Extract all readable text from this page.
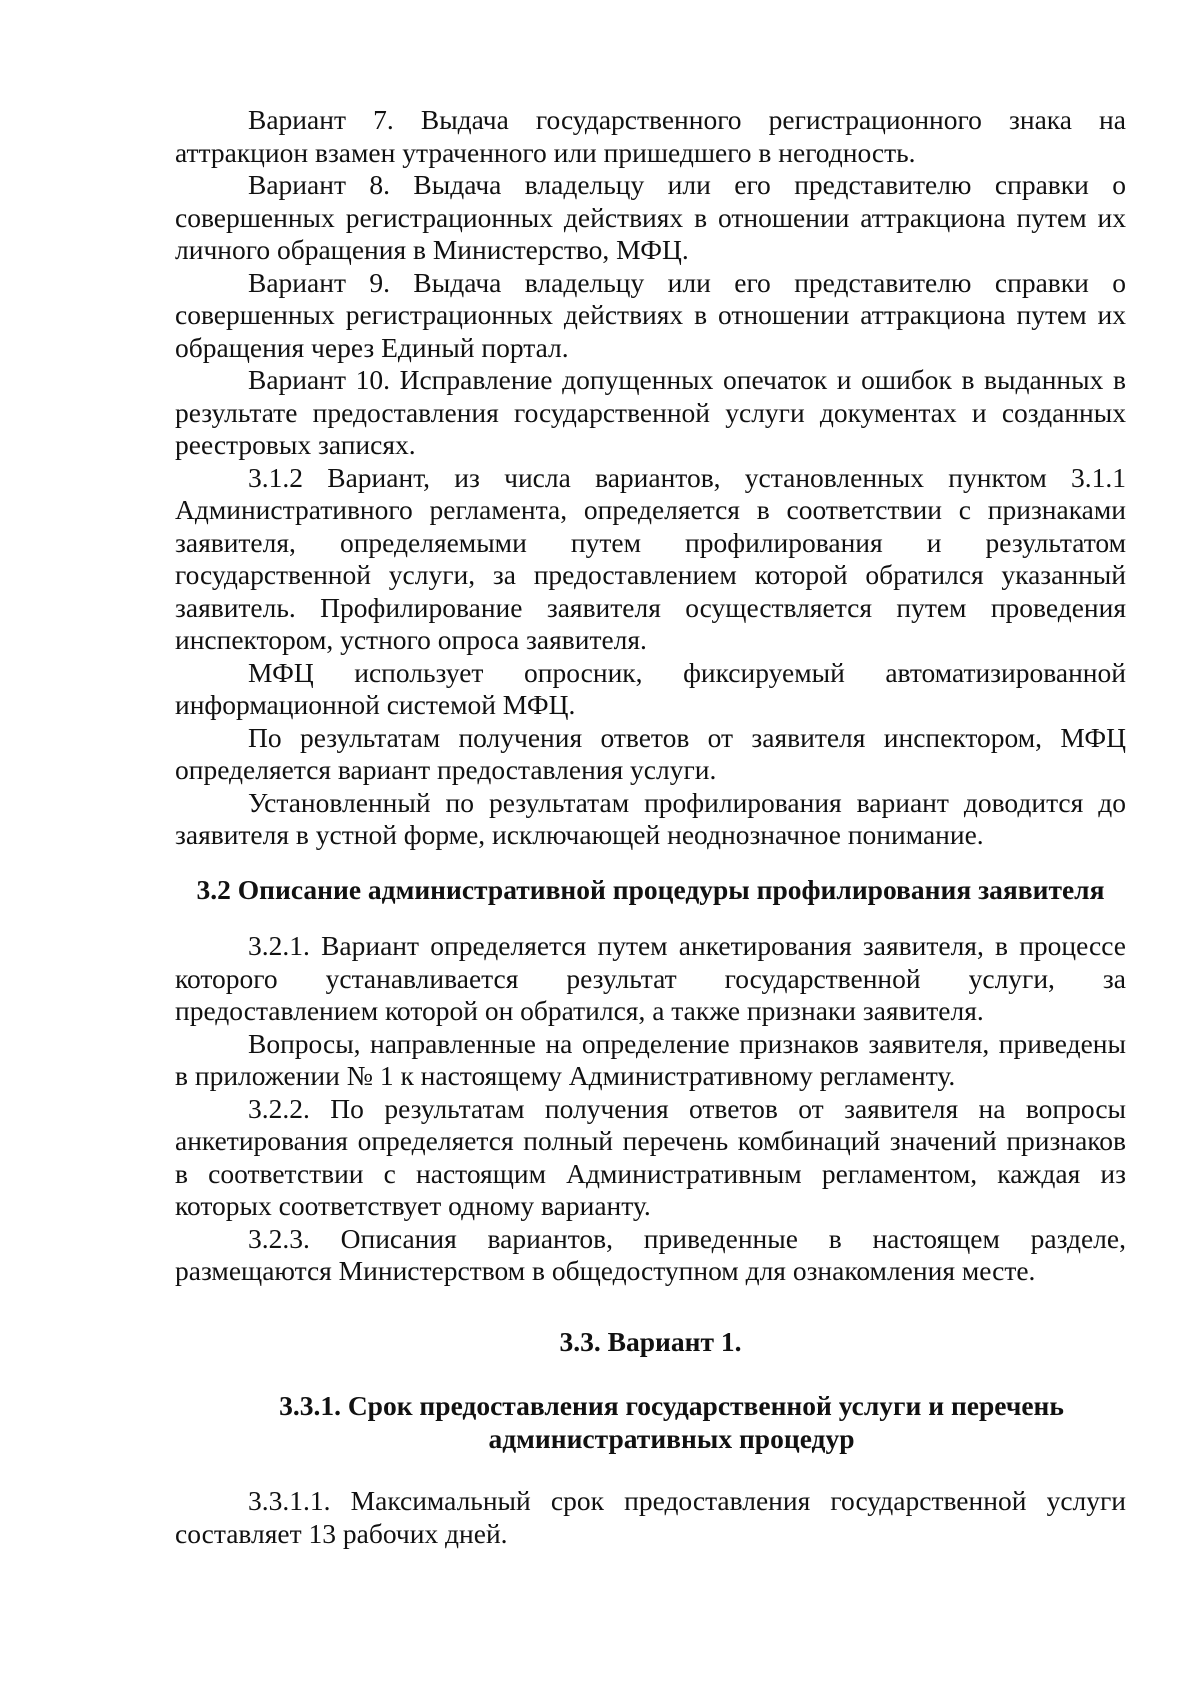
Вариант 7. Выдача государственного регистрационного знака на аттракцион взамен утраченного или пришедшего в негодность.

Вариант 8. Выдача владельцу или его представителю справки о совершенных регистрационных действиях в отношении аттракциона путем их личного обращения в Министерство, МФЦ.

Вариант 9. Выдача владельцу или его представителю справки о совершенных регистрационных действиях в отношении аттракциона путем их обращения через Единый портал.

Вариант 10. Исправление допущенных опечаток и ошибок в выданных в результате предоставления государственной услуги документах и созданных реестровых записях.

3.1.2 Вариант, из числа вариантов, установленных пунктом 3.1.1 Административного регламента, определяется в соответствии с признаками заявителя, определяемыми путем профилирования и результатом государственной услуги, за предоставлением которой обратился указанный заявитель. Профилирование заявителя осуществляется путем проведения инспектором, устного опроса заявителя.

МФЦ использует опросник, фиксируемый автоматизированной информационной системой МФЦ.

По результатам получения ответов от заявителя инспектором, МФЦ определяется вариант предоставления услуги.

Установленный по результатам профилирования вариант доводится до заявителя в устной форме, исключающей неоднозначное понимание.

3.2 Описание административной процедуры профилирования заявителя

3.2.1. Вариант определяется путем анкетирования заявителя, в процессе которого устанавливается результат государственной услуги, за предоставлением которой он обратился, а также признаки заявителя.

Вопросы, направленные на определение признаков заявителя, приведены в приложении № 1 к настоящему Административному регламенту.

3.2.2. По результатам получения ответов от заявителя на вопросы анкетирования определяется полный перечень комбинаций значений признаков в соответствии с настоящим Административным регламентом, каждая из которых соответствует одному варианту.

3.2.3. Описания вариантов, приведенные в настоящем разделе, размещаются Министерством в общедоступном для ознакомления месте.

3.3. Вариант 1.
3.3.1. Срок предоставления государственной услуги и перечень
административных процедур

3.3.1.1. Максимальный срок предоставления государственной услуги составляет 13 рабочих дней.
